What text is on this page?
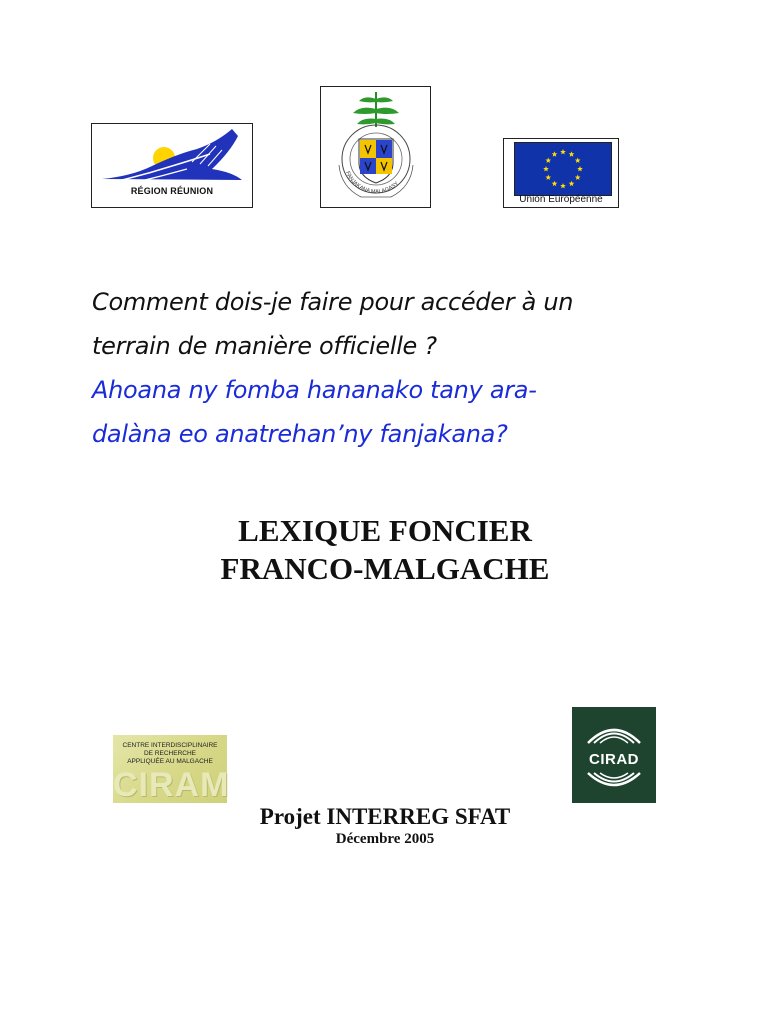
RÉGION RÉUNION
FANJAKANA MALAGASY
Union Européenne
Comment dois-je faire pour accéder à un
terrain de manière officielle ?
Ahoana ny fomba hananako tany ara-
dalàna eo anatrehan’ny fanjakana?
LEXIQUE FONCIER
FRANCO-MALGACHE
CENTRE INTERDISCIPLINAIRE
DE RECHERCHE
APPLIQUÉE AU MALGACHE
CIRAM
CIRAD
Projet INTERREG SFAT
Décembre 2005
